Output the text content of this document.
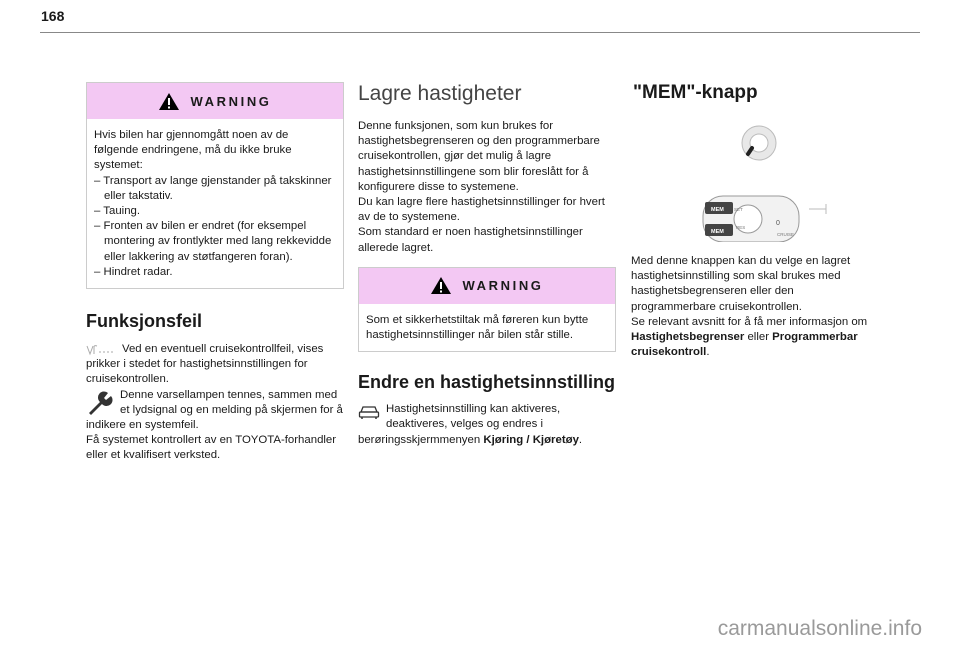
168
WARNING

Hvis bilen har gjennomgått noen av de følgende endringene, må du ikke bruke systemet:

– Transport av lange gjenstander på takskinner eller takstativ.

– Tauing.

– Fronten av bilen er endret (for eksempel montering av frontlykter med lang rekkevidde eller lakkering av støtfangeren foran).

– Hindret radar.

Funksjonsfeil

Ved en eventuell cruisekontrollfeil, vises prikker i stedet for hastighetsinnstillingen for cruisekontrollen.

Denne varsellampen tennes, sammen med et lydsignal og en melding på skjermen for å indikere en systemfeil.

Få systemet kontrollert av en TOYOTA-forhandler eller et kvalifisert verksted.

Lagre hastigheter

Denne funksjonen, som kun brukes for hastighetsbegrenseren og den programmerbare cruisekontrollen, gjør det mulig å lagre hastighetsinnstillingene som blir foreslått for å konfigurere disse to systemene.

Du kan lagre flere hastighetsinnstillinger for hvert av de to systemene.

Som standard er noen hastighetsinnstillinger allerede lagret.

WARNING

Som et sikkerhetstiltak må føreren kun bytte hastighetsinnstillinger når bilen står stille.

Endre en hastighetsinnstilling

Hastighetsinnstilling kan aktiveres, deaktiveres, velges og endres i berøringsskjermmenyen Kjøring / Kjøretøy.

"MEM"-knapp
MEM
MEM
SET
RES
0
CRUISE

Med denne knappen kan du velge en lagret hastighetsinnstilling som skal brukes med hastighetsbegrenseren eller den programmerbare cruisekontrollen.

Se relevant avsnitt for å få mer informasjon om Hastighetsbegrenser eller Programmerbar cruisekontroll.

carmanualsonline.info
